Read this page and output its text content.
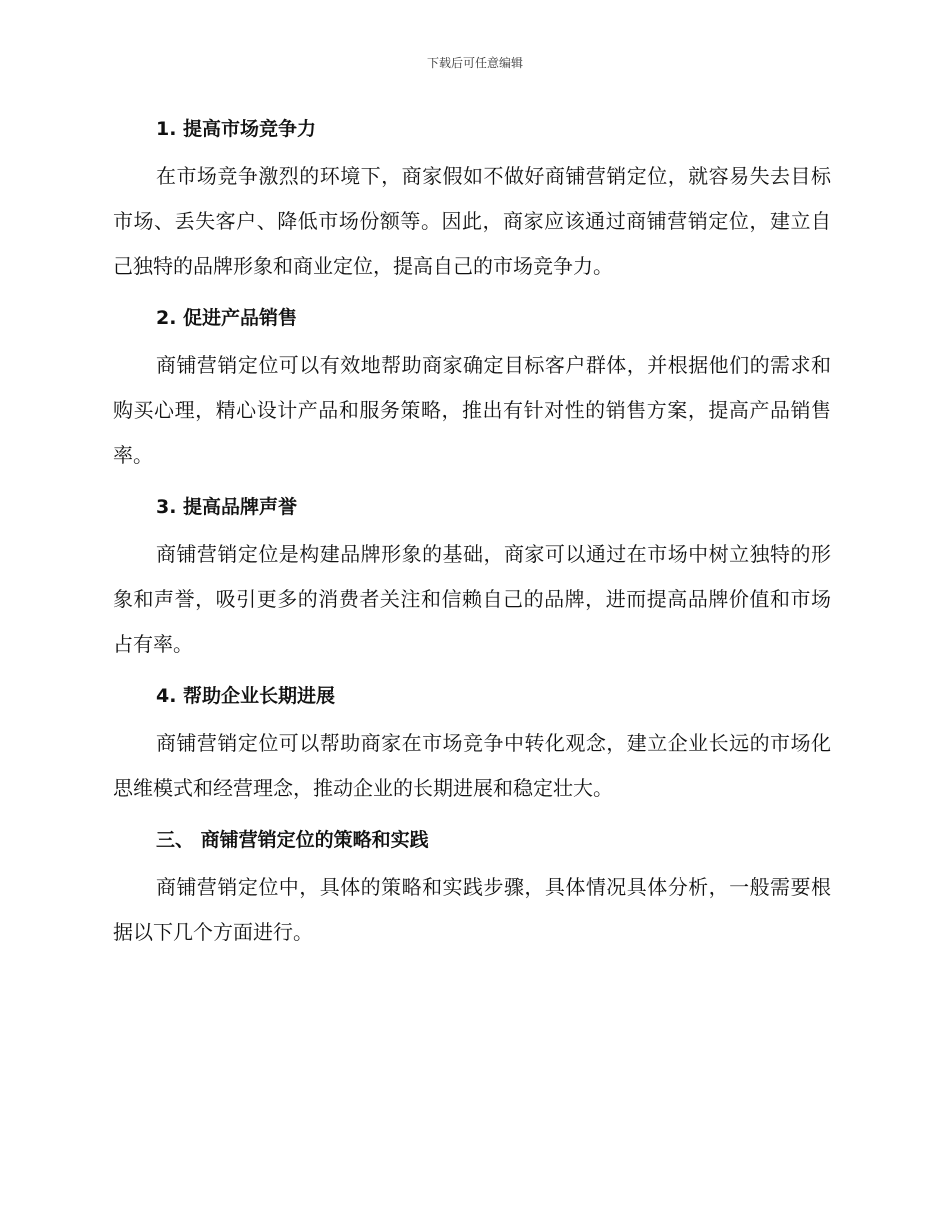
下载后可任意编辑
1. 提高市场竞争力

在市场竞争激烈的环境下，商家假如不做好商铺营销定位，就容易失去目标市场、丢失客户、降低市场份额等。因此，商家应该通过商铺营销定位，建立自己独特的品牌形象和商业定位，提高自己的市场竞争力。

2. 促进产品销售

商铺营销定位可以有效地帮助商家确定目标客户群体，并根据他们的需求和购买心理，精心设计产品和服务策略，推出有针对性的销售方案，提高产品销售率。

3. 提高品牌声誉

商铺营销定位是构建品牌形象的基础，商家可以通过在市场中树立独特的形象和声誉，吸引更多的消费者关注和信赖自己的品牌，进而提高品牌价值和市场占有率。

4. 帮助企业长期进展

商铺营销定位可以帮助商家在市场竞争中转化观念，建立企业长远的市场化思维模式和经营理念，推动企业的长期进展和稳定壮大。

三、 商铺营销定位的策略和实践

商铺营销定位中，具体的策略和实践步骤，具体情况具体分析，一般需要根据以下几个方面进行。
